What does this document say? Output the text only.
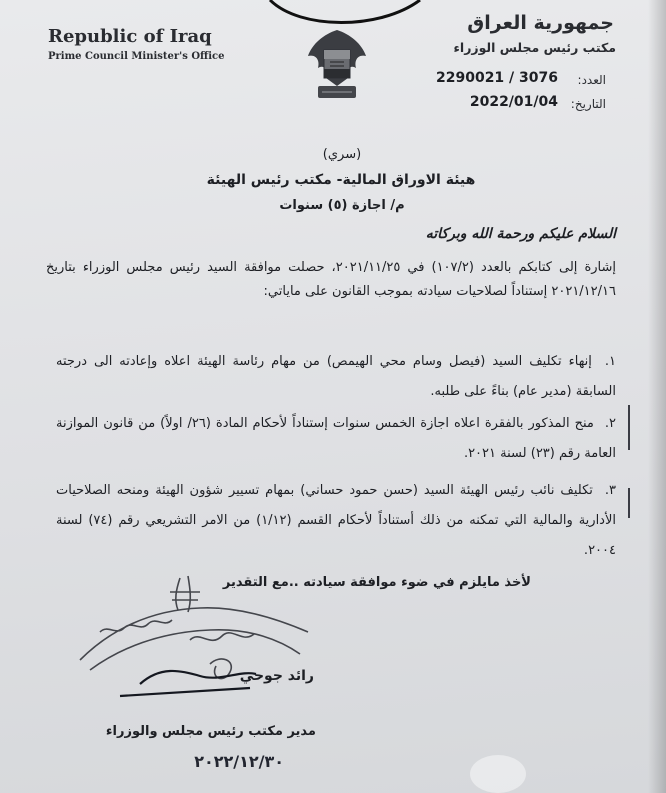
Republic of Iraq
Prime Council Minister's Office
جمهورية العراق
مكتب رئيس مجلس الوزراء
العدد:
2290021 / 3076
التاريخ:
2022/01/04
(سري)
هيئة الاوراق المالية- مكتب رئيس الهيئة
م/ اجازة (٥) سنوات
السلام عليكم ورحمة الله وبركاته
إشارة إلى كتابكم بالعدد (١٠٧/٢) في ٢٠٢١/١١/٢٥، حصلت موافقة السيد رئيس مجلس الوزراء بتاريخ ٢٠٢١/١٢/١٦ إستناداً لصلاحيات سيادته بموجب القانون على ماياتي:
١. إنهاء تكليف السيد (فيصل وسام محي الهيمص) من مهام رئاسة الهيئة اعلاه وإعادته الى درجته السابقة (مدير عام) بناءً على طلبه.
٢. منح المذكور بالفقرة اعلاه اجازة الخمس سنوات إستناداً لأحكام المادة (٢٦/ اولاً) من قانون الموازنة العامة رقم (٢٣) لسنة ٢٠٢١.
٣. تكليف نائب رئيس الهيئة السيد (حسن حمود حساني) بمهام تسيير شؤون الهيئة ومنحه الصلاحيات الأدارية والمالية التي تمكنه من ذلك أستناداً لأحكام القسم (١/١٢) من الامر التشريعي رقم (٧٤) لسنة ٢٠٠٤.
لأخذ مايلزم في ضوء موافقة سيادته ..مع التقدير
رائد جوحي
مدير مكتب رئيس مجلس والوزراء
٢٠٢٢/١٢/٣٠
